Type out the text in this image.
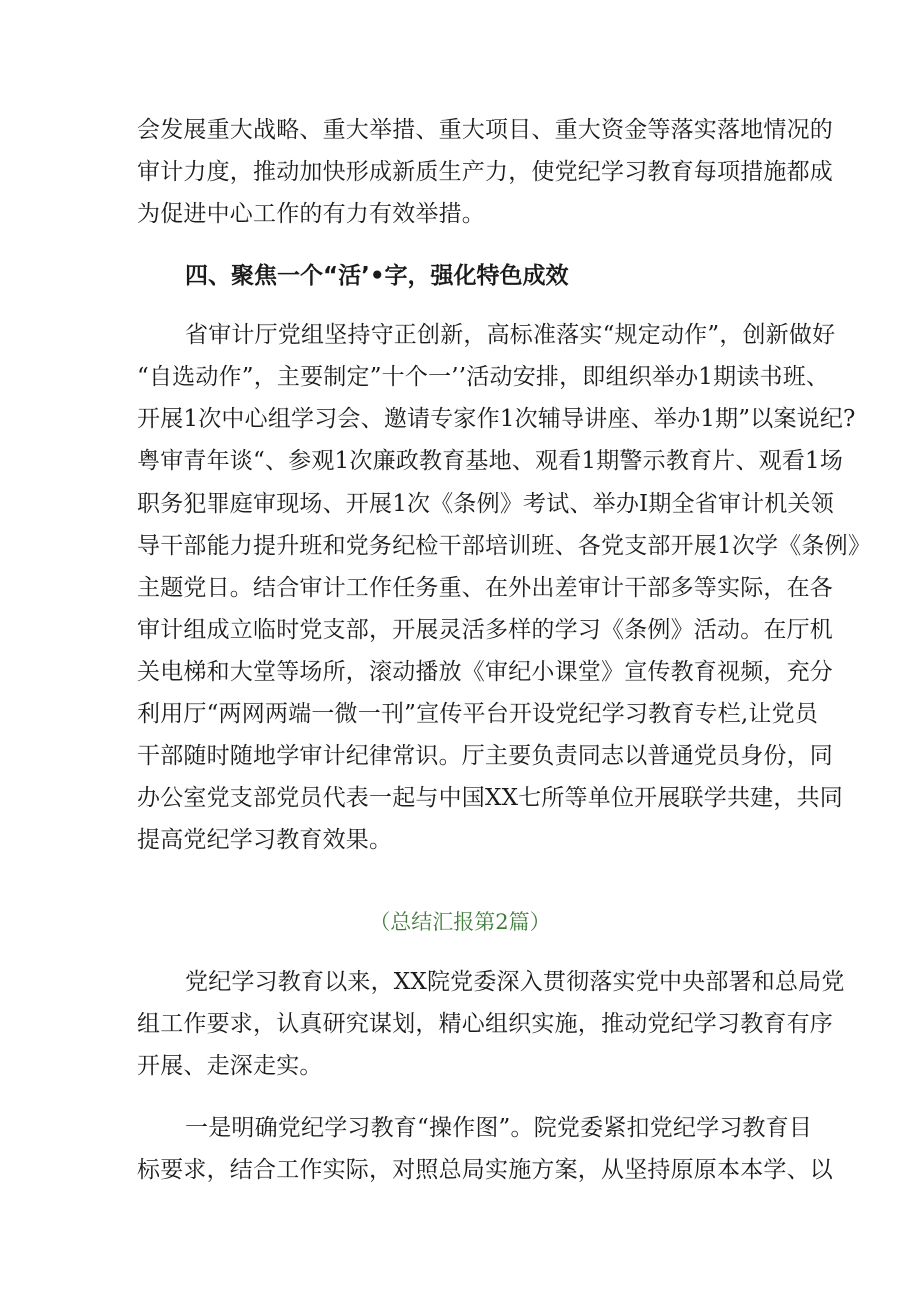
会发展重大战略、重大举措、重大项目、重大资金等落实落地情况的
审计力度，推动加快形成新质生产力，使党纪学习教育每项措施都成
为促进中心工作的有力有效举措。
四、聚焦一个“活’•字，强化特色成效
省审计厅党组坚持守正创新，高标准落实“规定动作”，创新做好
“自选动作”，主要制定”十个一’’活动安排，即组织举办1期读书班、
开展1次中心组学习会、邀请专家作1次辅导讲座、举办1期”以案说纪?
粤审青年谈“、参观1次廉政教育基地、观看1期警示教育片、观看1场
职务犯罪庭审现场、开展1次《条例》考试、举办I期全省审计机关领
导干部能力提升班和党务纪检干部培训班、各党支部开展1次学《条例》
主题党日。结合审计工作任务重、在外出差审计干部多等实际，在各
审计组成立临时党支部，开展灵活多样的学习《条例》活动。在厅机
关电梯和大堂等场所，滚动播放《审纪小课堂》宣传教育视频，充分
利用厅“两网两端一微一刊”宣传平台开设党纪学习教育专栏,让党员
干部随时随地学审计纪律常识。厅主要负责同志以普通党员身份，同
办公室党支部党员代表一起与中国XX七所等单位开展联学共建，共同
提高党纪学习教育效果。
（总结汇报第2篇）
党纪学习教育以来，XX院党委深入贯彻落实党中央部署和总局党
组工作要求，认真研究谋划，精心组织实施，推动党纪学习教育有序
开展、走深走实。
一是明确党纪学习教育“操作图”。院党委紧扣党纪学习教育目
标要求，结合工作实际，对照总局实施方案，从坚持原原本本学、以
